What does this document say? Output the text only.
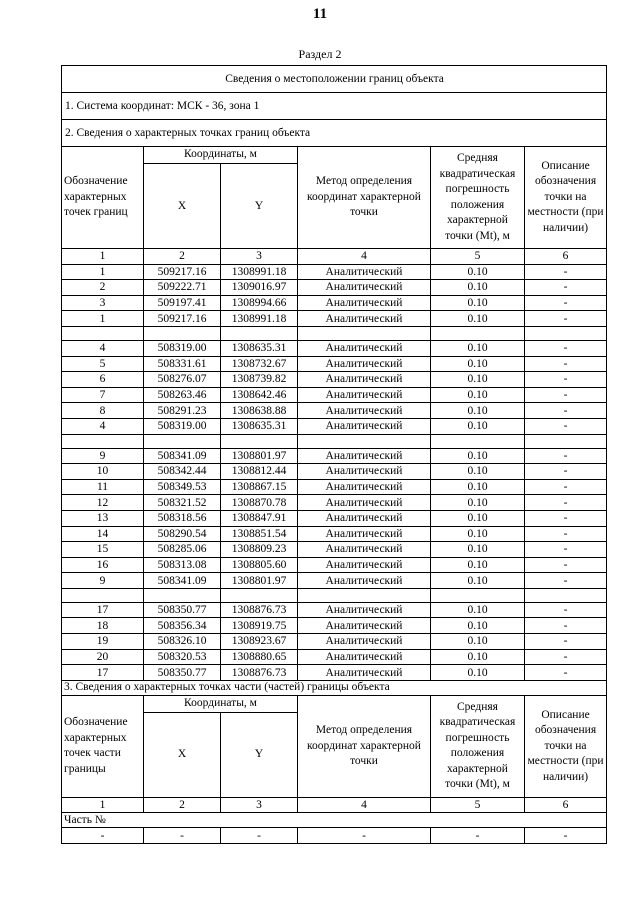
11
Раздел 2
Сведения о местоположении границ объекта					
1. Система координат: МСК - 36, зона 1					
2. Сведения о характерных точках границ объекта					
Обозначение характерных точек границ	Координаты, м		Метод определения координат характерной точки	Средняя квадратическая погрешность положения характерной точки (Mt), м	Описание обозначения точки на местности (при наличии)
	X	Y			
1	2	3	4	5	6
1	509217.16	1308991.18	Аналитический	0.10	-
2	509222.71	1309016.97	Аналитический	0.10	-
3	509197.41	1308994.66	Аналитический	0.10	-
1	509217.16	1308991.18	Аналитический	0.10	-

4	508319.00	1308635.31	Аналитический	0.10	-
5	508331.61	1308732.67	Аналитический	0.10	-
6	508276.07	1308739.82	Аналитический	0.10	-
7	508263.46	1308642.46	Аналитический	0.10	-
8	508291.23	1308638.88	Аналитический	0.10	-
4	508319.00	1308635.31	Аналитический	0.10	-

9	508341.09	1308801.97	Аналитический	0.10	-
10	508342.44	1308812.44	Аналитический	0.10	-
11	508349.53	1308867.15	Аналитический	0.10	-
12	508321.52	1308870.78	Аналитический	0.10	-
13	508318.56	1308847.91	Аналитический	0.10	-
14	508290.54	1308851.54	Аналитический	0.10	-
15	508285.06	1308809.23	Аналитический	0.10	-
16	508313.08	1308805.60	Аналитический	0.10	-
9	508341.09	1308801.97	Аналитический	0.10	-

17	508350.77	1308876.73	Аналитический	0.10	-
18	508356.34	1308919.75	Аналитический	0.10	-
19	508326.10	1308923.67	Аналитический	0.10	-
20	508320.53	1308880.65	Аналитический	0.10	-
17	508350.77	1308876.73	Аналитический	0.10	-
3. Сведения о характерных точках части (частей) границы объекта					

Обозначение характерных точек части границы	Координаты, м		Метод определения координат характерной точки	Средняя квадратическая погрешность положения характерной точки (Mt), м	Описание обозначения точки на местности (при наличии)
	X	Y			
1	2	3	4	5	6
Часть №					
-	-	-	-	-	-
